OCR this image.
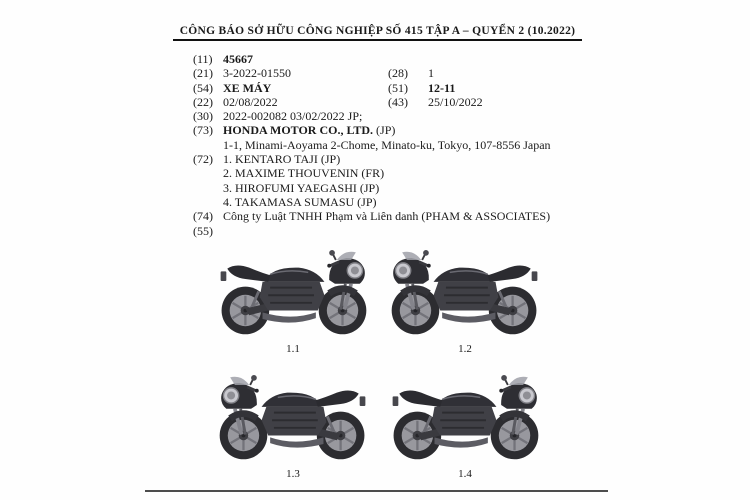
CÔNG BÁO SỞ HỮU CÔNG NGHIỆP SỐ 415 TẬP A – QUYỂN 2 (10.2022)
(11) 45667
(21) 3-2022-01550	(28)	1
(54) XE MÁY	(51)	12-11
(22) 02/08/2022	(43)	25/10/2022
(30) 2022-002082 03/02/2022 JP;
(73) HONDA MOTOR CO., LTD. (JP)
1-1, Minami-Aoyama 2-Chome, Minato-ku, Tokyo, 107-8556 Japan
(72) 1. KENTARO TAJI (JP)
2. MAXIME THOUVENIN (FR)
3. HIROFUMI YAEGASHI (JP)
4. TAKAMASA SUMASU (JP)
(74) Công ty Luật TNHH Phạm và Liên danh (PHAM & ASSOCIATES)
(55)
1.1	1.2
1.3	1.4
